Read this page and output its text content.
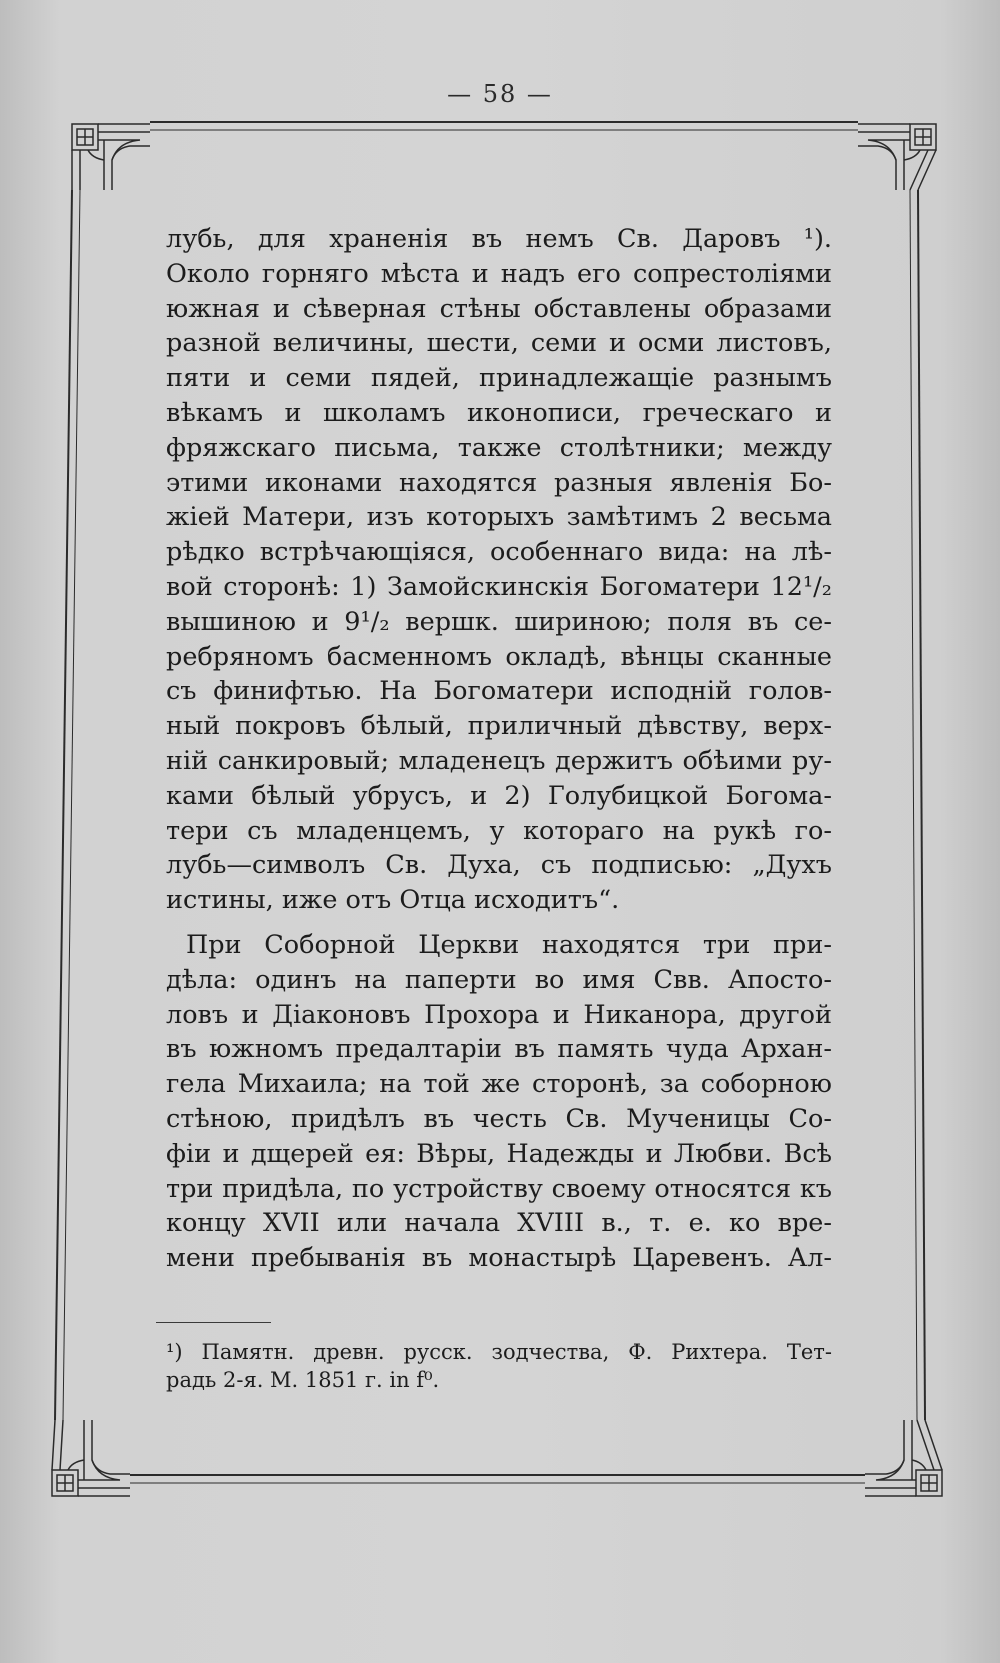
— 58 —
лубь, для храненія въ немъ Св. Даровъ ¹).
Около горняго мѣста и надъ его сопрестоліями
южная и сѣверная стѣны обставлены образами
разной величины, шести, семи и осми листовъ,
пяти и семи пядей, принадлежащіе разнымъ
вѣкамъ и школамъ иконописи, греческаго и
фряжскаго письма, также столѣтники; между
этими иконами находятся разныя явленія Бо-
жіей Матери, изъ которыхъ замѣтимъ 2 весьма
рѣдко встрѣчающіяся, особеннаго вида: на лѣ-
вой сторонѣ: 1) Замойскинскія Богоматери 12¹/₂
вышиною и 9¹/₂ вершк. шириною; поля въ се-
ребряномъ басменномъ окладѣ, вѣнцы сканные
съ финифтью. На Богоматери исподній голов-
ный покровъ бѣлый, приличный дѣвству, верх-
ній санкировый; младенецъ держитъ обѣими ру-
ками бѣлый убрусъ, и 2) Голубицкой Богома-
тери съ младенцемъ, у котораго на рукѣ го-
лубь—символъ Св. Духа, съ подписью: „Духъ
истины, иже отъ Отца исходитъ“.
При Соборной Церкви находятся три при-
дѣла: одинъ на паперти во имя Свв. Апосто-
ловъ и Діаконовъ Прохора и Никанора, другой
въ южномъ предалтаріи въ память чуда Архан-
гела Михаила; на той же сторонѣ, за соборною
стѣною, придѣлъ въ честь Св. Мученицы Со-
фіи и дщерей ея: Вѣры, Надежды и Любви. Всѣ
три придѣла, по устройству своему относятся къ
концу XVII или начала XVIII в., т. е. ко вре-
мени пребыванія въ монастырѣ Царевенъ. Ал-
¹) Памятн. древн. русск. зодчества, Ф. Рихтера. Тет-
радь 2-я. М. 1851 г. in f⁰.
